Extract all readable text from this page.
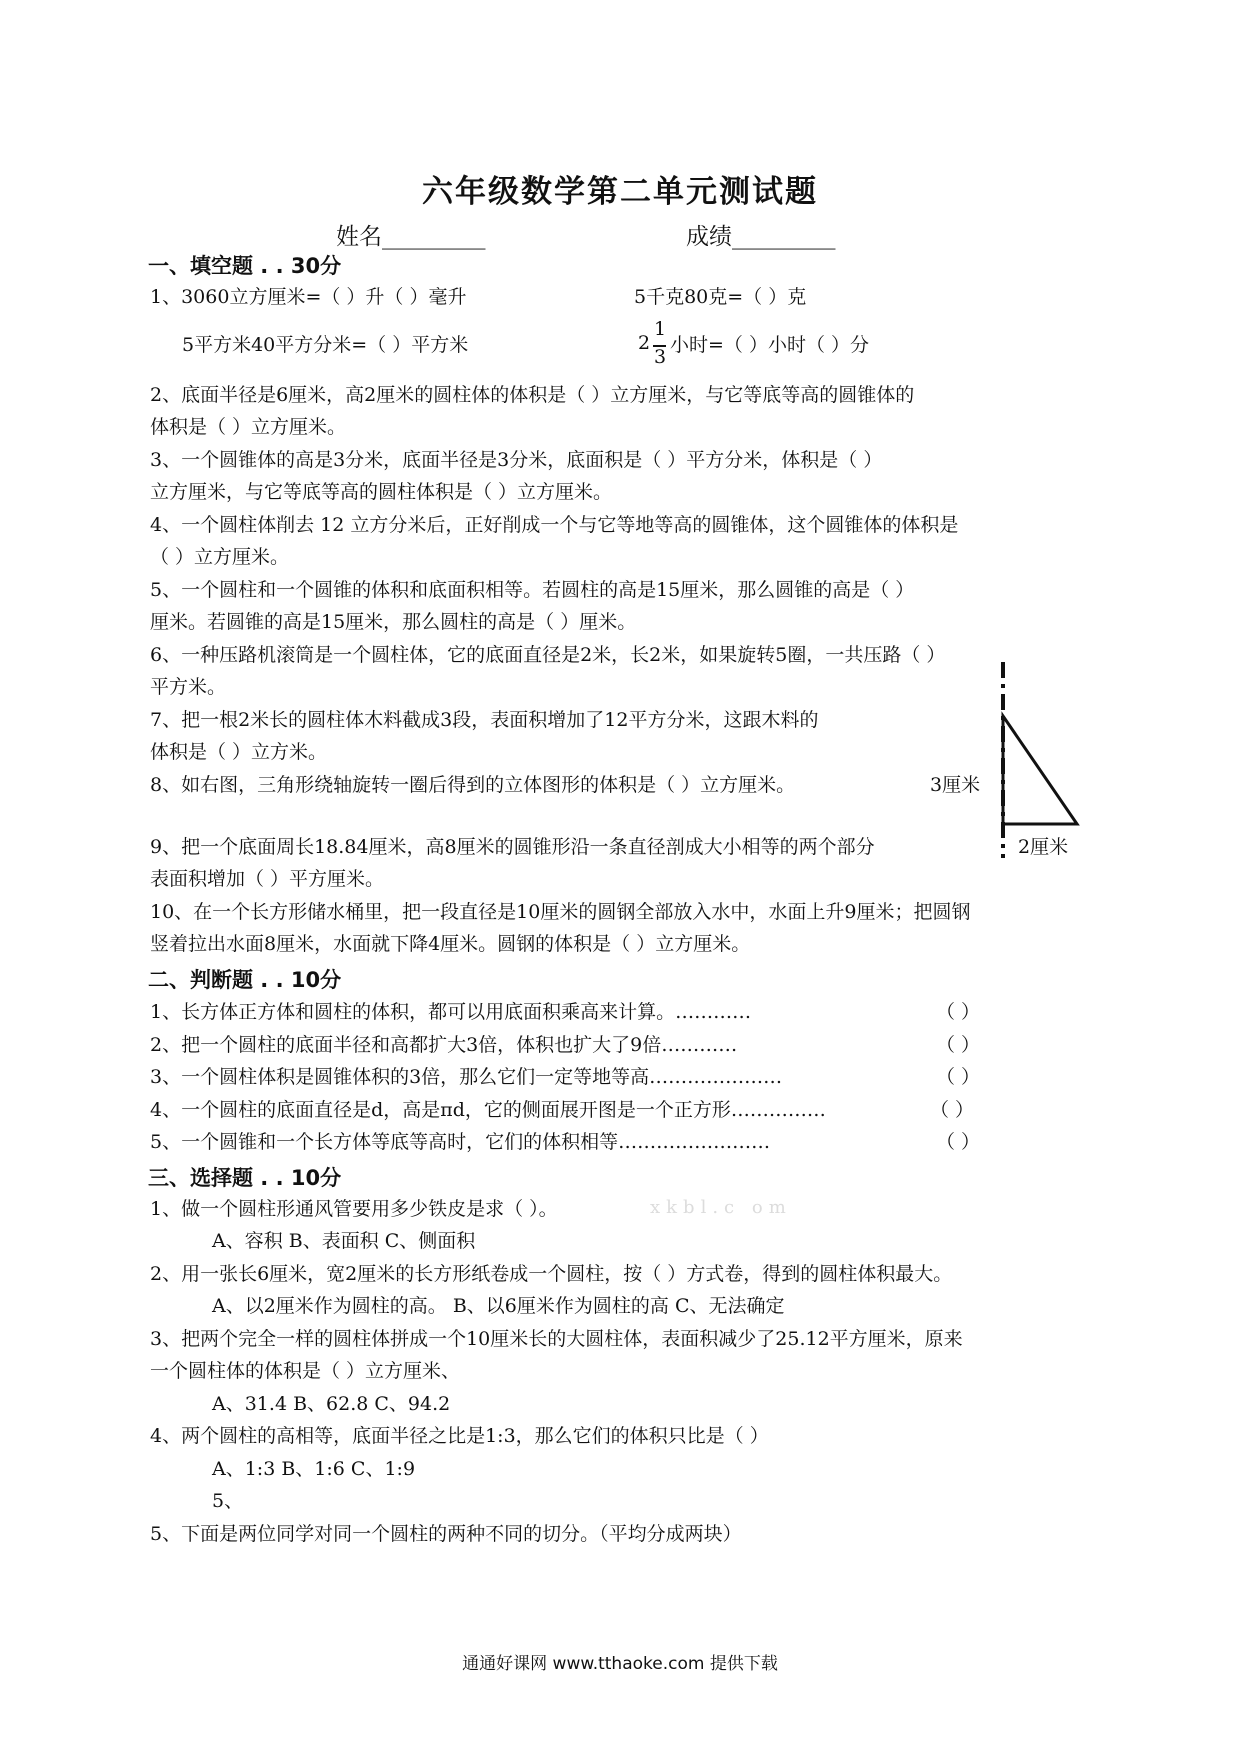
六年级数学第二单元测试题
姓名_________	成绩_________
一、填空题 . . 30分
1、3060立方厘米=（ ）升（ ）毫升	5千克80克=（ ）克
5平方米40平方分米=（ ）平方米	2
1
3
小时=（ ）小时（ ）分
2、底面半径是6厘米，高2厘米的圆柱体的体积是（ ）立方厘米，与它等底等高的圆锥体的
体积是（ ）立方厘米。
3、一个圆锥体的高是3分米，底面半径是3分米，底面积是（ ）平方分米，体积是（ ）
立方厘米，与它等底等高的圆柱体积是（ ）立方厘米。
4、一个圆柱体削去 12 立方分米后，正好削成一个与它等地等高的圆锥体，这个圆锥体的体积是
（ ）立方厘米。
5、一个圆柱和一个圆锥的体积和底面积相等。若圆柱的高是15厘米，那么圆锥的高是（ ）
厘米。若圆锥的高是15厘米，那么圆柱的高是（ ）厘米。
6、一种压路机滚筒是一个圆柱体，它的底面直径是2米，长2米，如果旋转5圈，一共压路（ ）
平方米。
7、把一根2米长的圆柱体木料截成3段，表面积增加了12平方分米，这跟木料的
体积是（ ）立方米。
8、如右图，三角形绕轴旋转一圈后得到的立体图形的体积是（ ）立方厘米。	3厘米
2厘米
9、把一个底面周长18.84厘米，高8厘米的圆锥形沿一条直径剖成大小相等的两个部分
表面积增加（ ）平方厘米。
10、在一个长方形储水桶里，把一段直径是10厘米的圆钢全部放入水中，水面上升9厘米；把圆钢
竖着拉出水面8厘米，水面就下降4厘米。圆钢的体积是（ ）立方厘米。
二、判断题 . . 10分
1、长方体正方体和圆柱的体积，都可以用底面积乘高来计算。…………	（ ）
2、把一个圆柱的底面半径和高都扩大3倍，体积也扩大了9倍…………	（ ）
3、一个圆柱体积是圆锥体积的3倍，那么它们一定等地等高…………………	（ ）
4、一个圆柱的底面直径是d，高是πd，它的侧面展开图是一个正方形……………	（ ）
5、一个圆锥和一个长方体等底等高时，它们的体积相等……………………	（ ）
三、选择题 . . 10分
1、做一个圆柱形通风管要用多少铁皮是求（ ）。	xkbl.c om
A、容积 B、表面积 C、侧面积
2、用一张长6厘米，宽2厘米的长方形纸卷成一个圆柱，按（ ）方式卷，得到的圆柱体积最大。
A、以2厘米作为圆柱的高。 B、以6厘米作为圆柱的高 C、无法确定
3、把两个完全一样的圆柱体拼成一个10厘米长的大圆柱体，表面积减少了25.12平方厘米，原来
一个圆柱体的体积是（ ）立方厘米、
A、31.4 B、62.8 C、94.2
4、两个圆柱的高相等，底面半径之比是1:3，那么它们的体积只比是（ ）
A、1:3 B、1:6 C、1:9
5、
5、下面是两位同学对同一个圆柱的两种不同的切分。（平均分成两块）
通通好课网 www.tthaoke.com 提供下载
